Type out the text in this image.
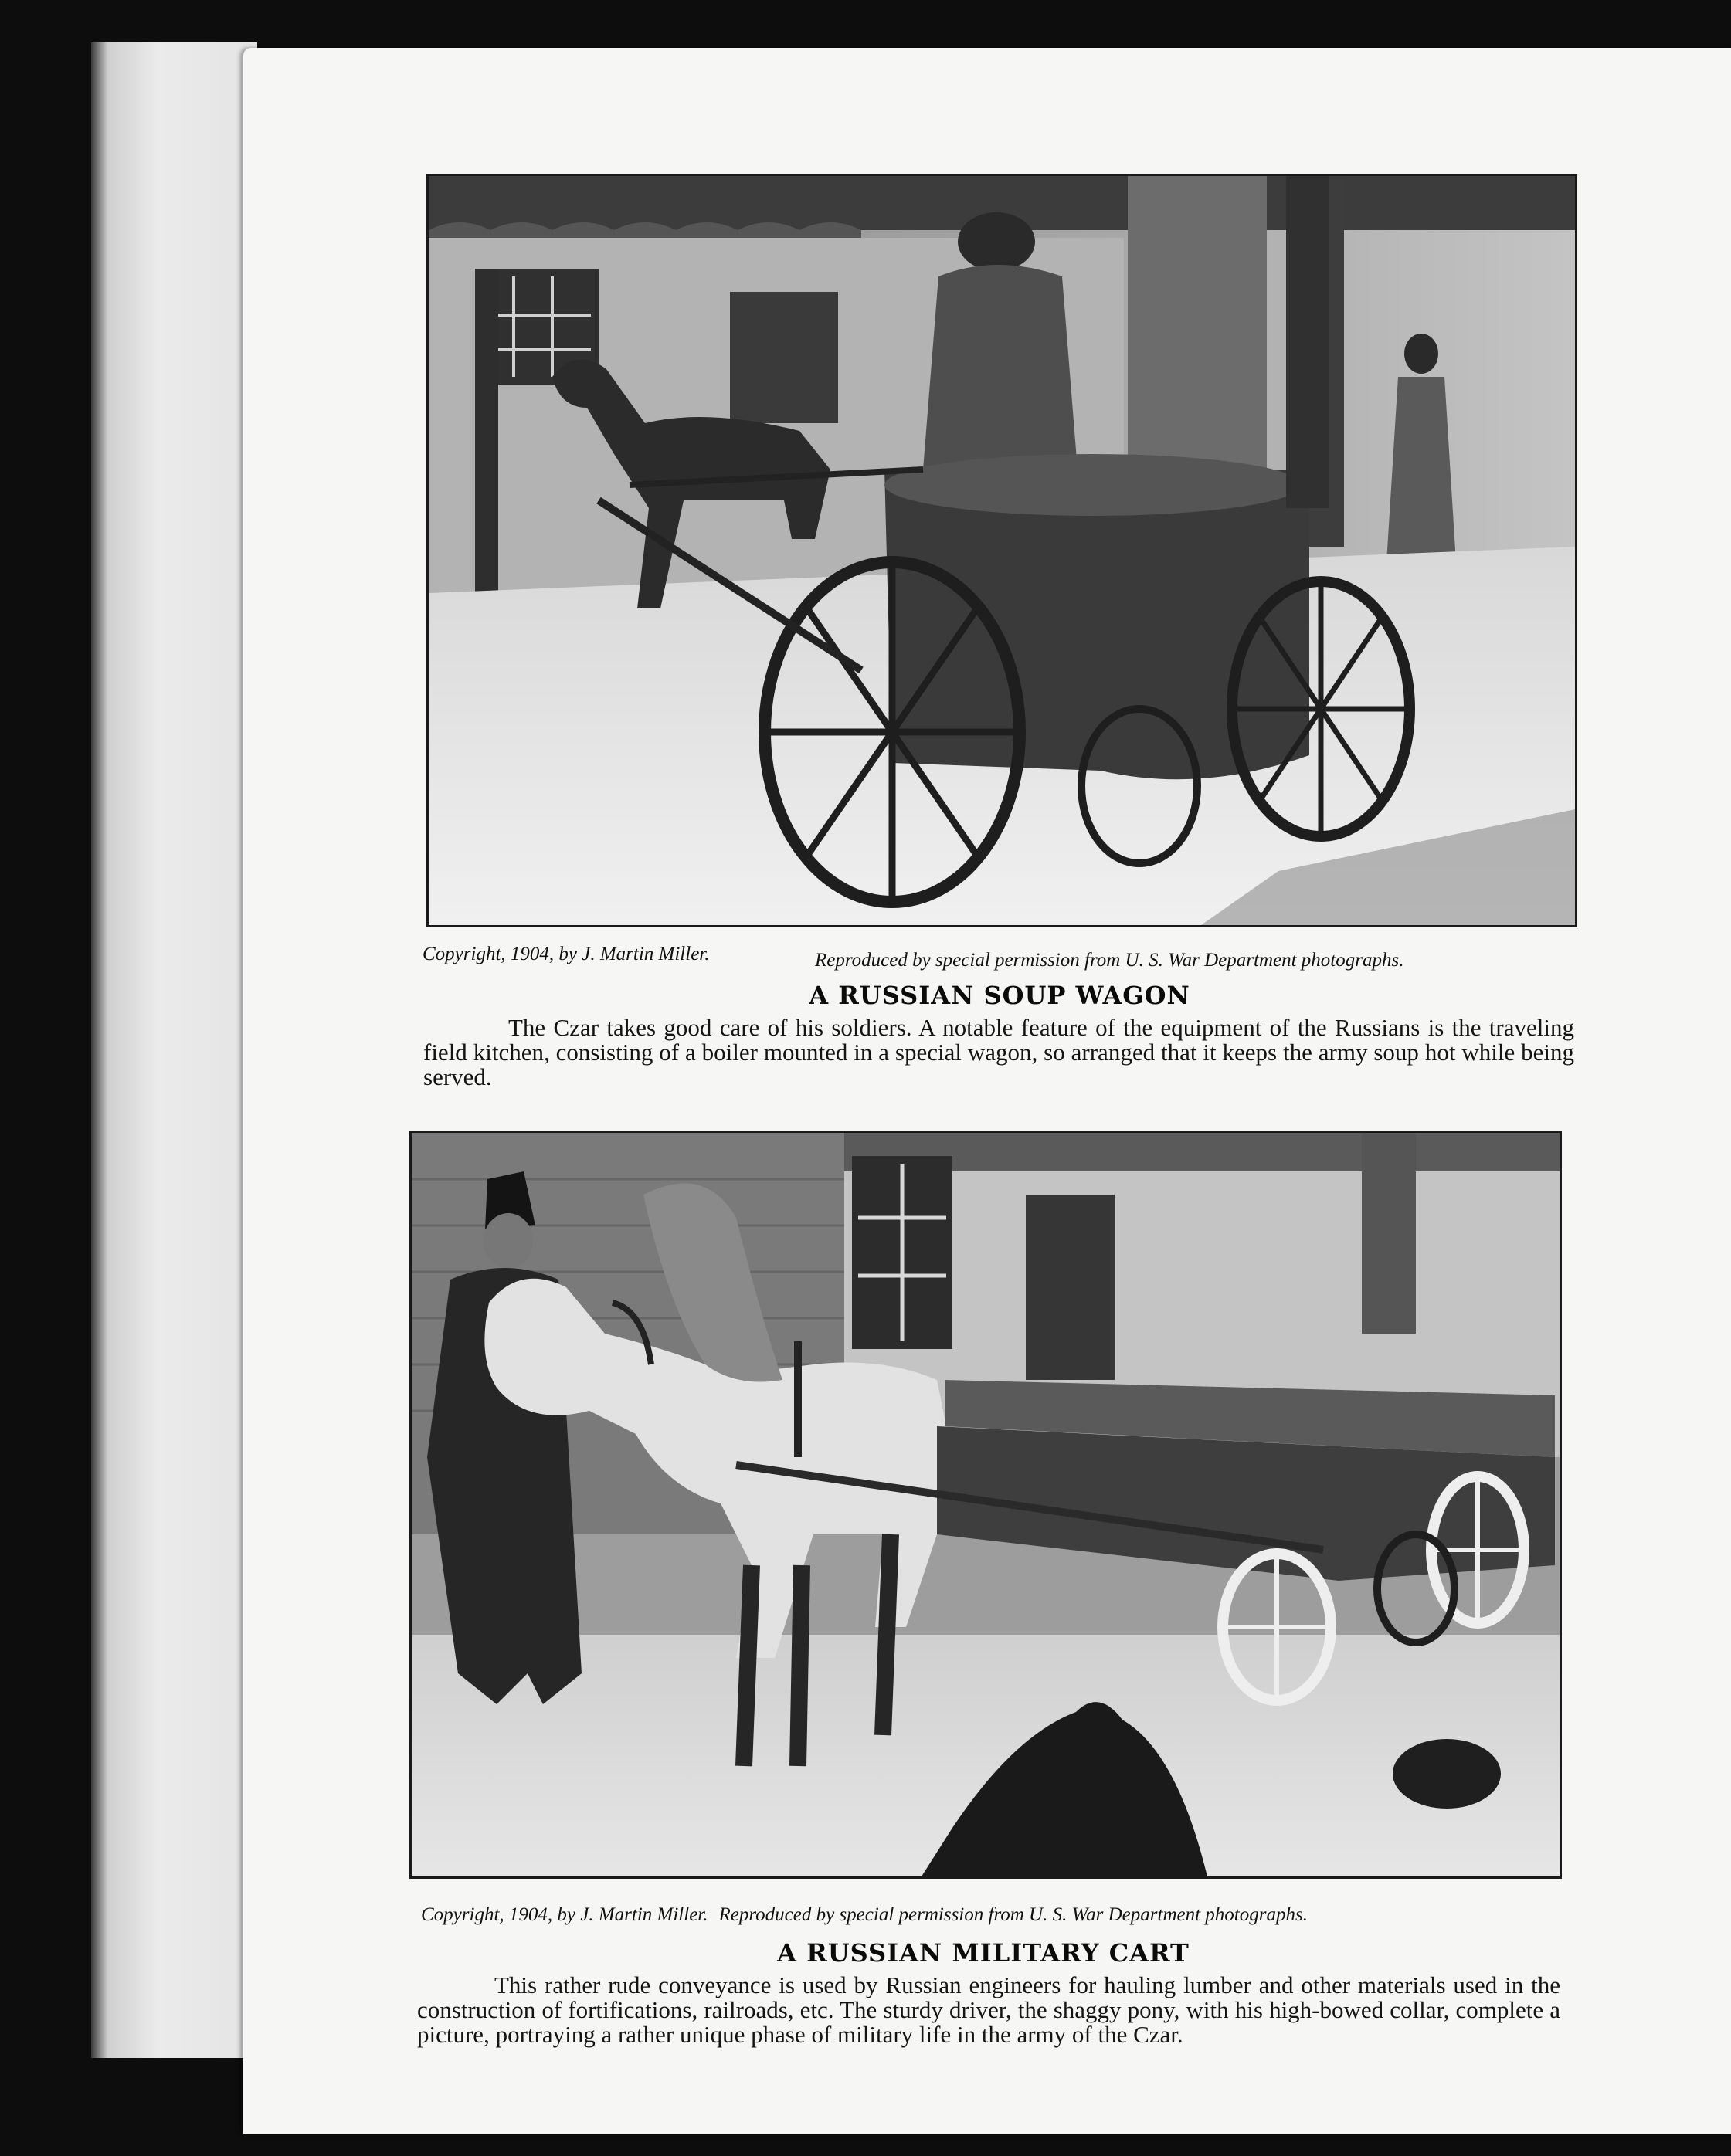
Copyright, 1904, by J. Martin Miller.	Reproduced by special permission from U. S. War Department photographs.
A RUSSIAN SOUP WAGON
The Czar takes good care of his soldiers. A notable feature of the equipment of the Russians is the traveling field kitchen, consisting of a boiler mounted in a special wagon, so arranged that it keeps the army soup hot while being served.
Copyright, 1904, by J. Martin Miller. Reproduced by special permission from U. S. War Department photographs.
A RUSSIAN MILITARY CART
This rather rude conveyance is used by Russian engineers for hauling lumber and other materials used in the construction of fortifications, railroads, etc. The sturdy driver, the shaggy pony, with his high-bowed collar, complete a picture, portraying a rather unique phase of military life in the army of the Czar.
